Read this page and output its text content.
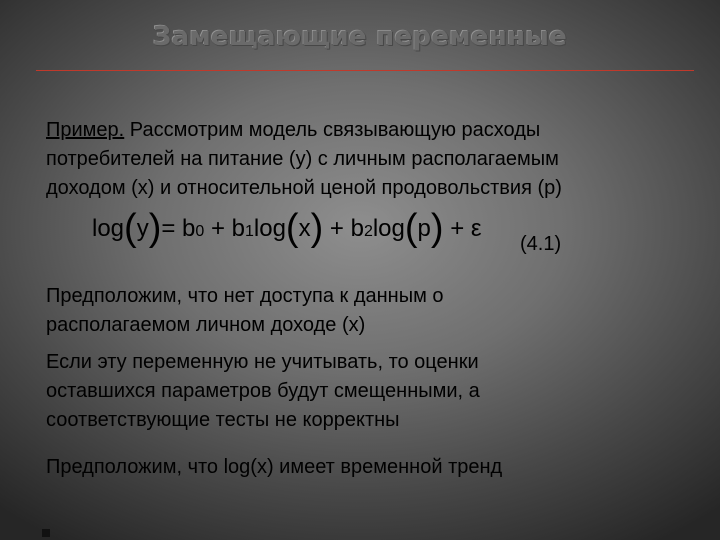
Замещающие переменные
Пример. Рассмотрим модель связывающую расходы
потребителей на питание (y) с личным располагаемым
доходом (x) и относительной ценой продовольствия (p)
log(y)= b0 + b1log(x) + b2log(p) + ε
(4.1)
Предположим, что нет доступа к данным о
располагаемом личном доходе (x)
Если эту переменную не учитывать, то оценки
оставшихся параметров будут смещенными, а
соответствующие тесты не корректны
Предположим, что log(x) имеет временной тренд
